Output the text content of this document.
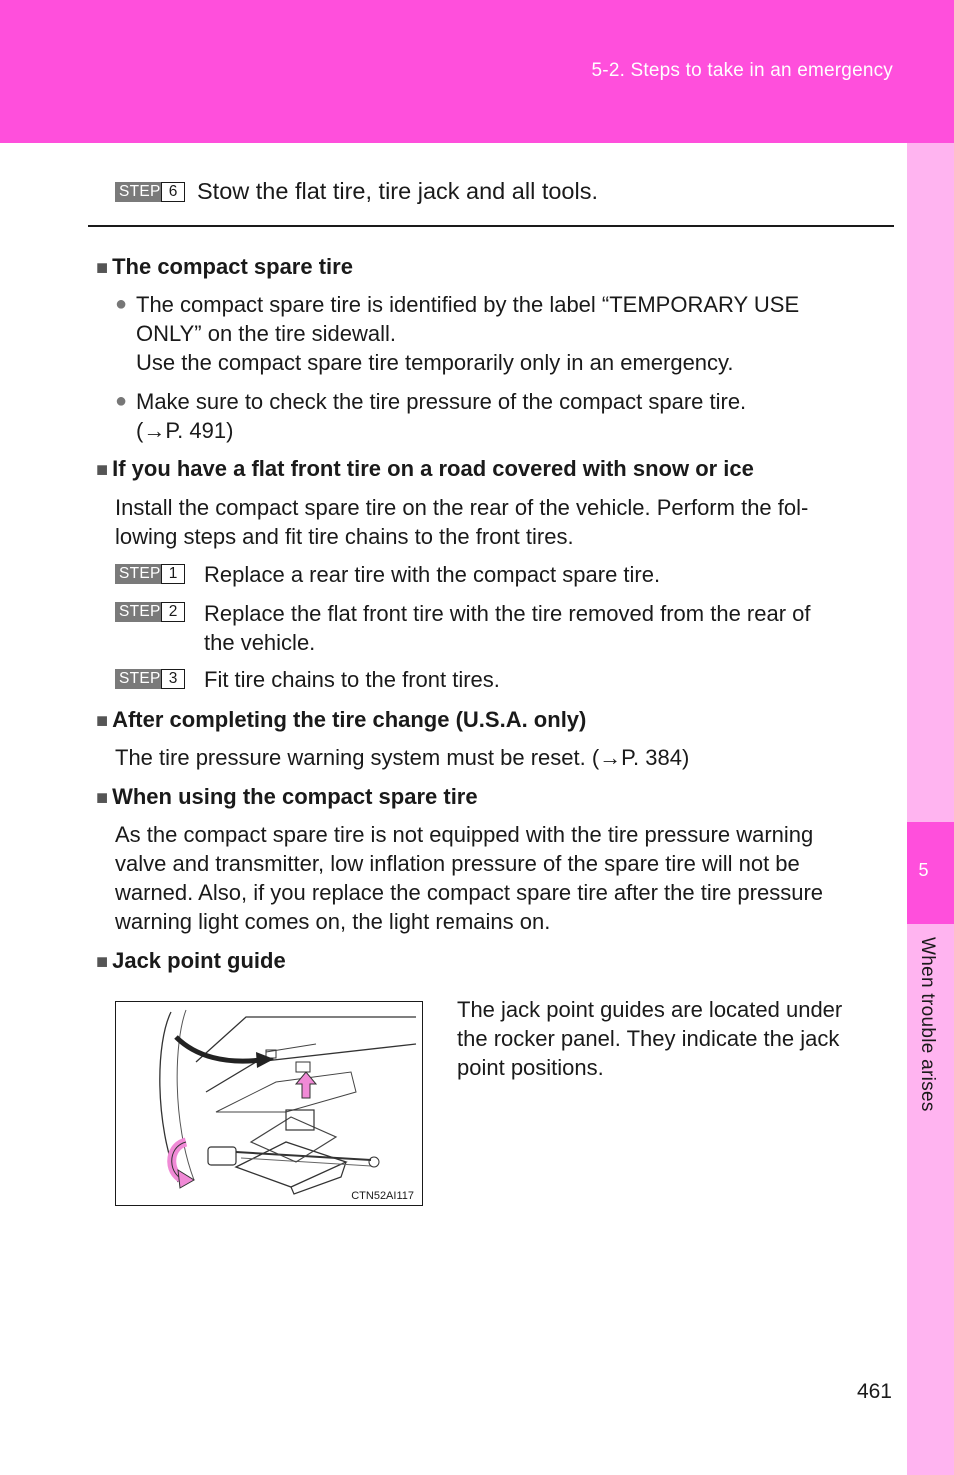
5-2. Steps to take in an emergency
5
When trouble arises
STEP 6 Stow the flat tire, tire jack and all tools.
■ The compact spare tire
● The compact spare tire is identified by the label “TEMPORARY USE
ONLY” on the tire sidewall.
Use the compact spare tire temporarily only in an emergency.
● Make sure to check the tire pressure of the compact spare tire.
(→P. 491)
■ If you have a flat front tire on a road covered with snow or ice
Install the compact spare tire on the rear of the vehicle. Perform the fol-
lowing steps and fit tire chains to the front tires.
STEP 1	Replace a rear tire with the compact spare tire.
STEP 2	Replace the flat front tire with the tire removed from the rear of
the vehicle.
STEP 3	Fit tire chains to the front tires.
■ After completing the tire change (U.S.A. only)
The tire pressure warning system must be reset. (→P. 384)
■ When using the compact spare tire
As the compact spare tire is not equipped with the tire pressure warning
valve and transmitter, low inflation pressure of the spare tire will not be
warned. Also, if you replace the compact spare tire after the tire pressure
warning light comes on, the light remains on.
■ Jack point guide
CTN52AI117
The jack point guides are located under
the rocker panel. They indicate the jack
point positions.
461
